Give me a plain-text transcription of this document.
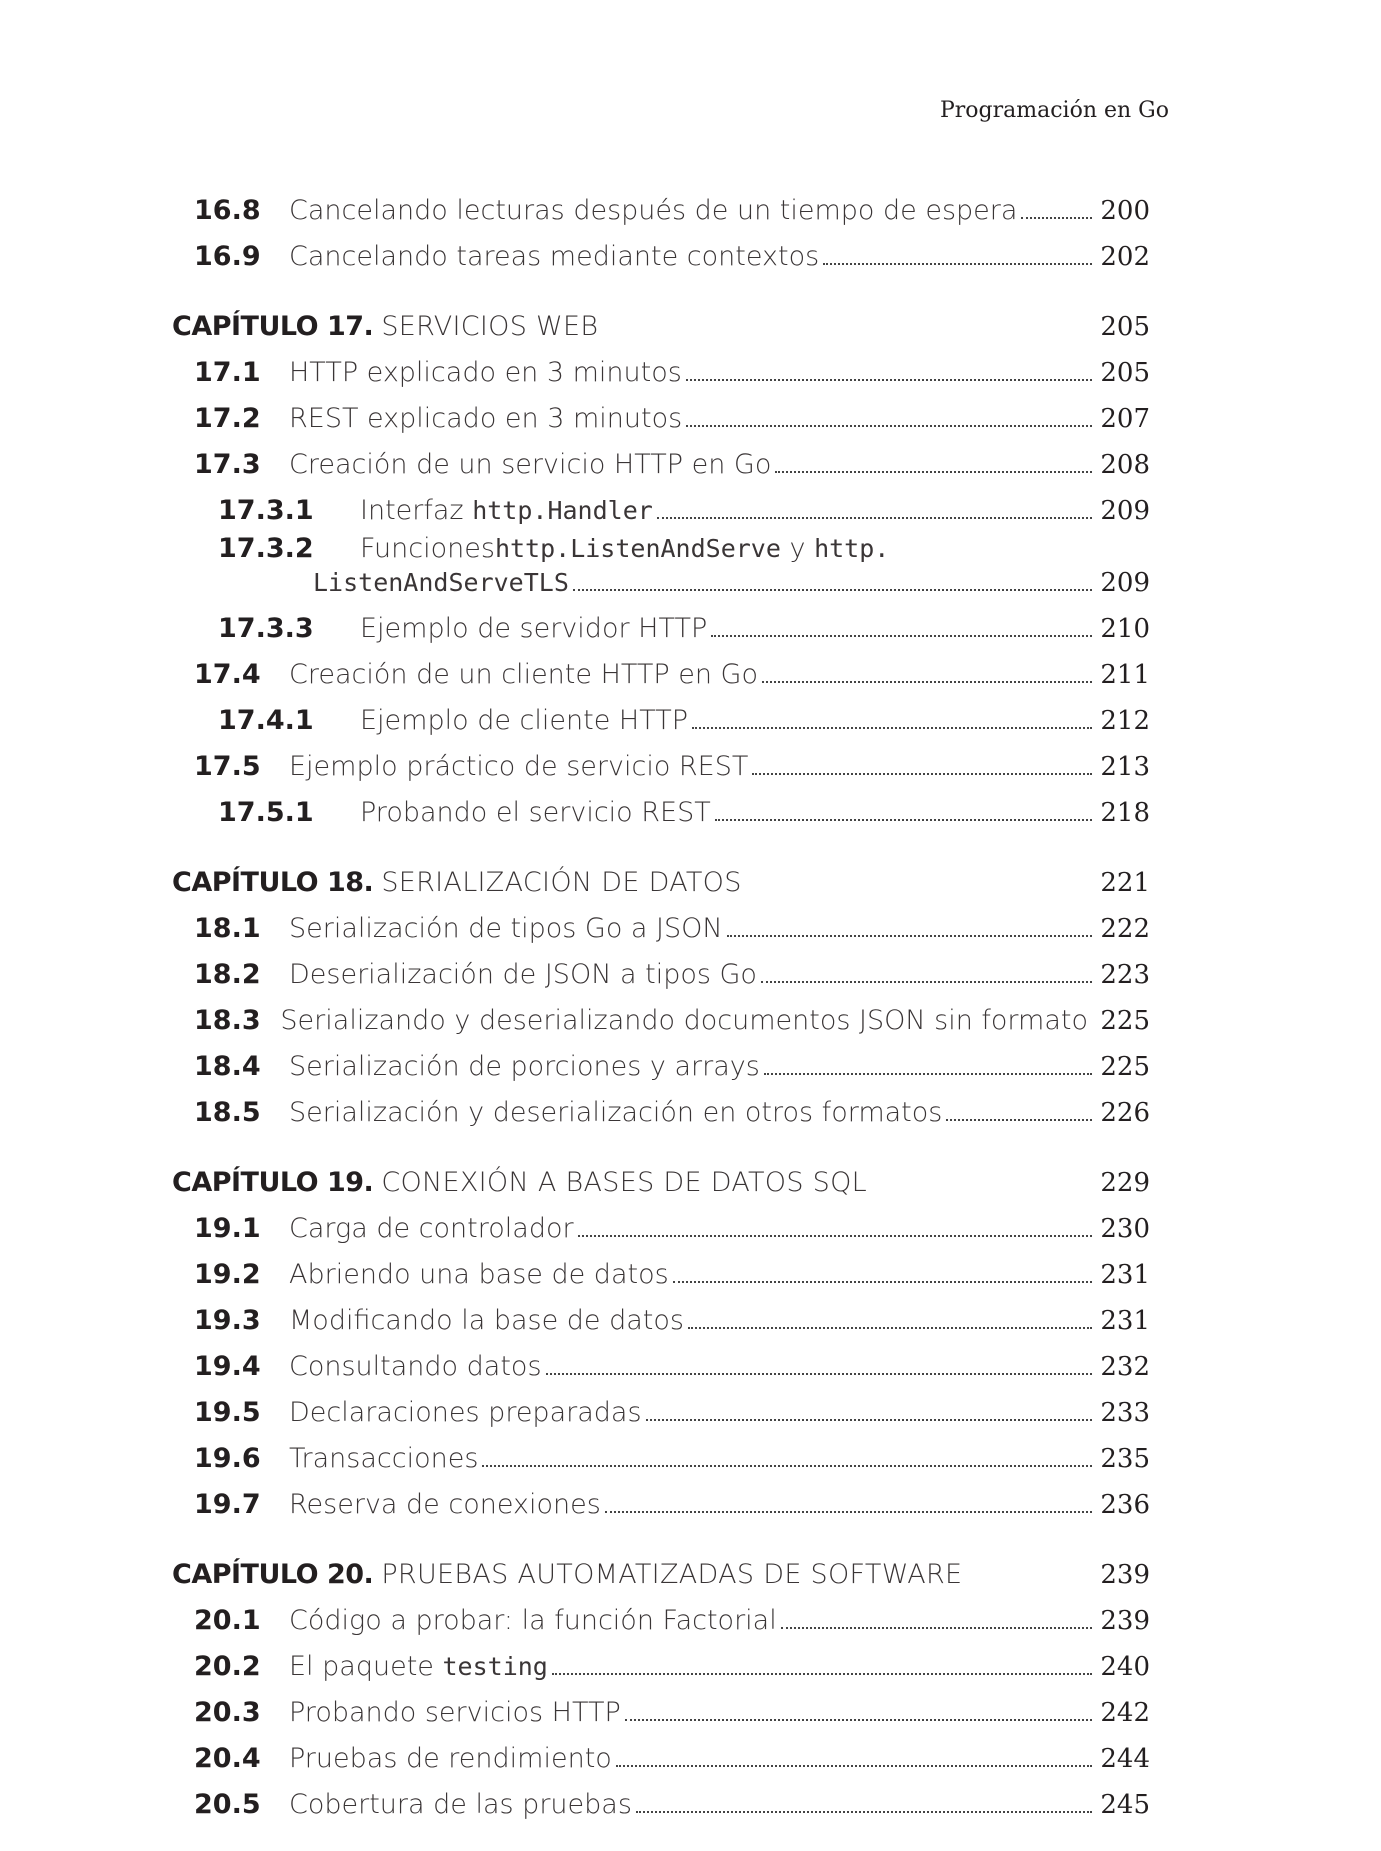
Programación en Go
16.8	Cancelando lecturas después de un tiempo de espera	200
16.9	Cancelando tareas mediante contextos	202
CAPÍTULO 17. SERVICIOS WEB	205
17.1	HTTP explicado en 3 minutos	205
17.2	REST explicado en 3 minutos	207
17.3	Creación de un servicio HTTP en Go	208
17.3.1	Interfaz http.Handler	209
17.3.2	Funciones http.ListenAndServe y http.
ListenAndServeTLS	209
17.3.3	Ejemplo de servidor HTTP	210
17.4	Creación de un cliente HTTP en Go	211
17.4.1	Ejemplo de cliente HTTP	212
17.5	Ejemplo práctico de servicio REST	213
17.5.1	Probando el servicio REST	218
CAPÍTULO 18. SERIALIZACIÓN DE DATOS	221
18.1	Serialización de tipos Go a JSON	222
18.2	Deserialización de JSON a tipos Go	223
18.3 Serializando y deserializando documentos JSON sin formato 225
18.4	Serialización de porciones y arrays	225
18.5	Serialización y deserialización en otros formatos	226
CAPÍTULO 19. CONEXIÓN A BASES DE DATOS SQL	229
19.1	Carga de controlador	230
19.2	Abriendo una base de datos	231
19.3	Modificando la base de datos	231
19.4	Consultando datos	232
19.5	Declaraciones preparadas	233
19.6	Transacciones	235
19.7	Reserva de conexiones	236
CAPÍTULO 20. PRUEBAS AUTOMATIZADAS DE SOFTWARE	239
20.1	Código a probar: la función Factorial	239
20.2	El paquete testing	240
20.3	Probando servicios HTTP	242
20.4	Pruebas de rendimiento	244
20.5	Cobertura de las pruebas	245
